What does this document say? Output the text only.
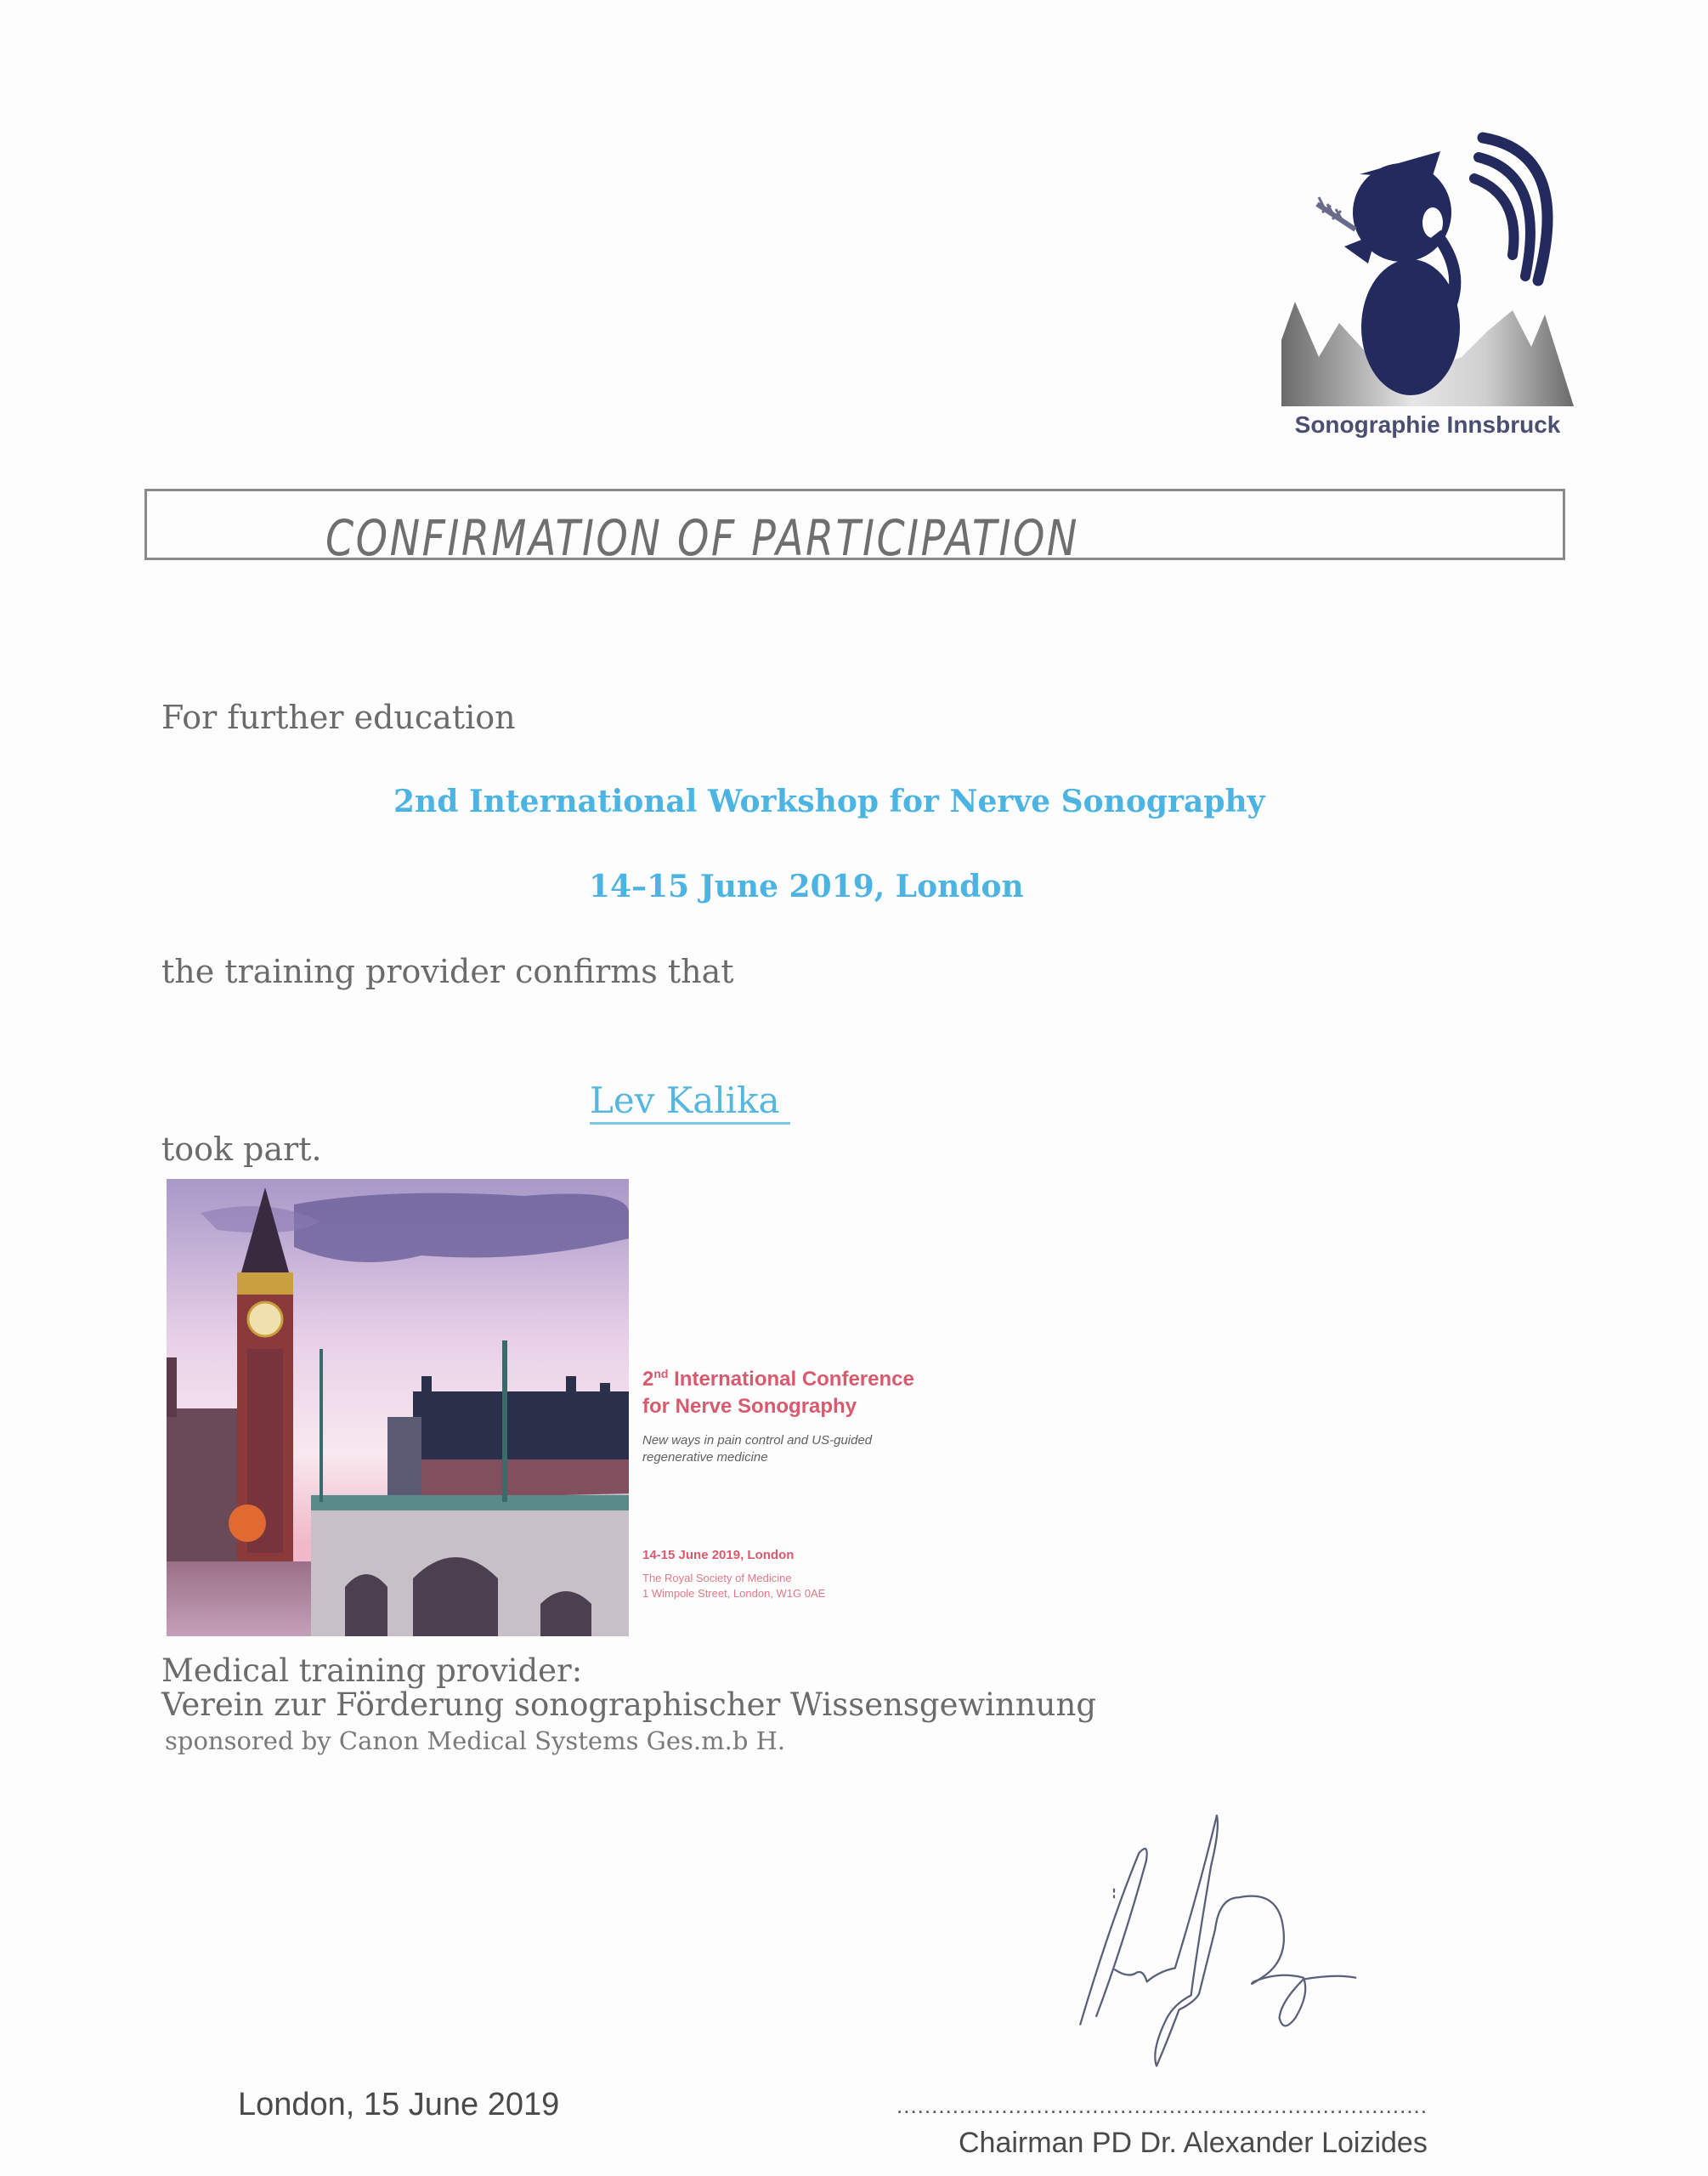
Sonographie Innsbruck
CONFIRMATION OF PARTICIPATION
For further education
2nd International Workshop for Nerve Sonography
14–15 June 2019, London
the training provider confirms that
Lev Kalika
took part.
2nd International Conference
for Nerve Sonography
New ways in pain control and US-guided
regenerative medicine
14-15 June 2019, London
The Royal Society of Medicine
1 Wimpole Street, London, W1G 0AE
Medical training provider:
Verein zur Förderung sonographischer Wissensgewinnung
sponsored by Canon Medical Systems Ges.m.b H.
London, 15 June 2019	............................................................................
Chairman PD Dr. Alexander Loizides
